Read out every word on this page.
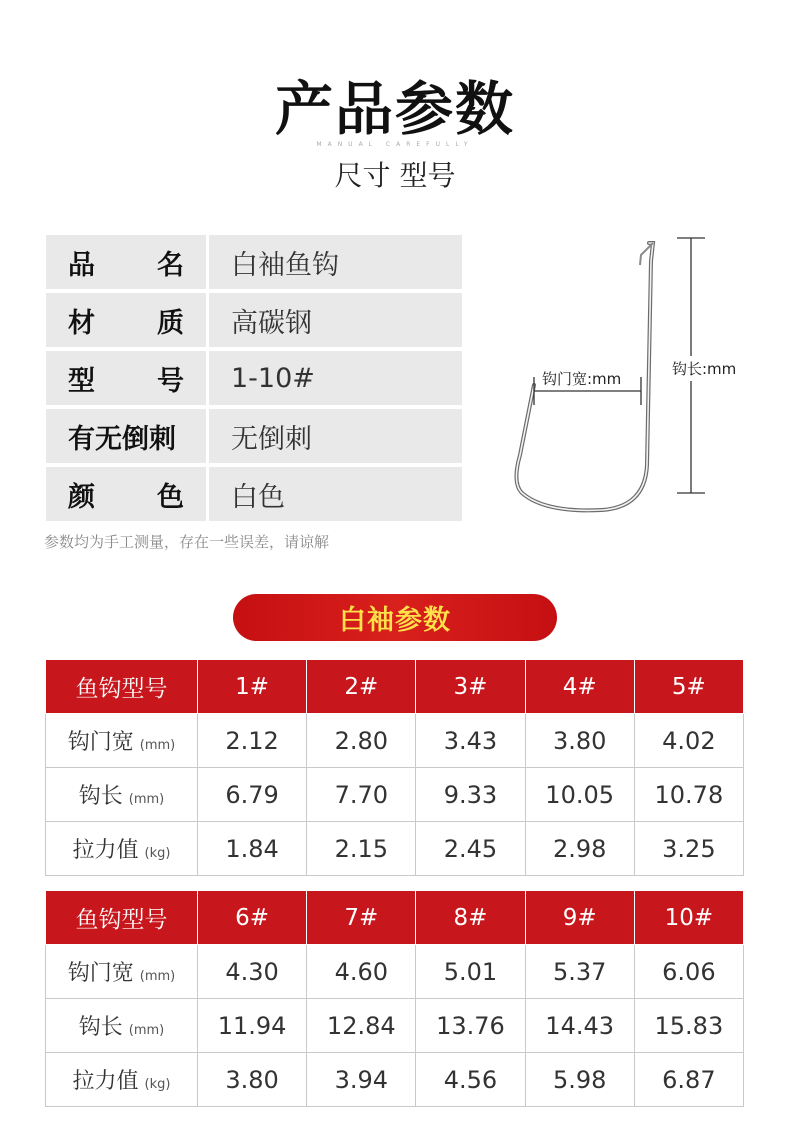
产品参数
MANUAL CAREFULLY
尺寸 型号
品 名	白袖鱼钩
材 质	高碳钢
型 号	1-10#
有无倒刺	无倒刺
颜 色	白色
参数均为手工测量，存在一些误差，请谅解
钩门宽:mm
钩长:mm
白袖参数
鱼钩型号	1#	2#	3#	4#	5#
钩门宽 (mm)	2.12	2.80	3.43	3.80	4.02
钩长 (mm)	6.79	7.70	9.33	10.05	10.78
拉力值 (kg)	1.84	2.15	2.45	2.98	3.25
鱼钩型号	6#	7#	8#	9#	10#
钩门宽 (mm)	4.30	4.60	5.01	5.37	6.06
钩长 (mm)	11.94	12.84	13.76	14.43	15.83
拉力值 (kg)	3.80	3.94	4.56	5.98	6.87
